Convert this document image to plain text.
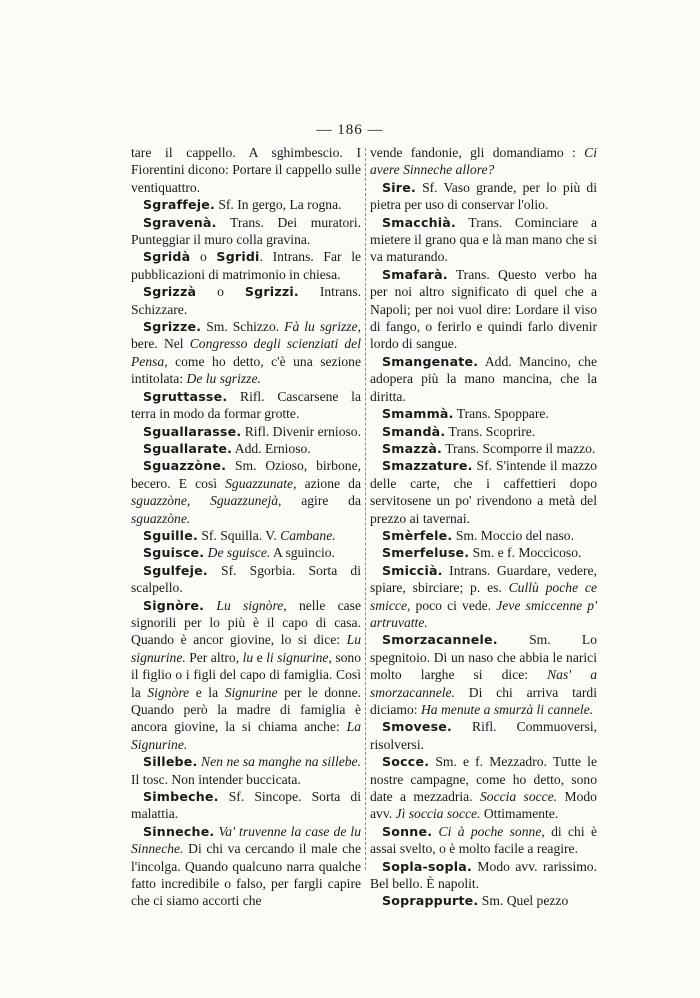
— 186 —

tare il cappello. A sghimbescio. I Fiorentini dicono: Portare il cappello sulle ventiquattro.

Sgraffeje. Sf. In gergo, La rogna.

Sgravenà. Trans. Dei muratori. Punteggiar il muro colla gravina.

Sgridà o Sgridi. Intrans. Far le pubblicazioni di matrimonio in chiesa.

Sgrizzà o Sgrizzi. Intrans. Schizzare.

Sgrizze. Sm. Schizzo. Fà lu sgrizze, bere. Nel Congresso degli scienziati del Pensa, come ho detto, c'è una sezione intitolata: De lu sgrizze.

Sgruttasse. Rifl. Cascarsene la terra in modo da formar grotte.

Sguallarasse. Rifl. Divenir ernioso.

Sguallarate. Add. Ernioso.

Sguazzòne. Sm. Ozioso, birbone, becero. E così Sguazzunate, azione da sguazzòne, Sguazzunejà, agire da sguazzòne.

Sguille. Sf. Squilla. V. Cambane.

Sguisce. De sguisce. A sguincio.

Sgulfeje. Sf. Sgorbia. Sorta di scalpello.

Signòre. Lu signòre, nelle case signorili per lo più è il capo di casa. Quando è ancor giovine, lo si dice: Lu signurine. Per altro, lu e li signurine, sono il figlio o i figli del capo di famiglia. Così la Signòre e la Signurine per le donne. Quando però la madre di famiglia è ancora giovine, la si chiama anche: La Signurine.

Sillebe. Nen ne sa manghe na sillebe. Il tosc. Non intender buccicata.

Simbeche. Sf. Sincope. Sorta di malattia.

Sinneche. Va' truvenne la case de lu Sinneche. Di chi va cercando il male che l'incolga. Quando qualcuno narra qualche fatto incredibile o falso, per fargli capire che ci siamo accorti che

vende fandonie, gli domandiamo : Ci avere Sinneche allore?

Sire. Sf. Vaso grande, per lo più di pietra per uso di conservar l'olio.

Smacchià. Trans. Cominciare a mietere il grano qua e là man mano che si va maturando.

Smafarà. Trans. Questo verbo ha per noi altro significato di quel che a Napoli; per noi vuol dire: Lordare il viso di fango, o ferirlo e quindi farlo divenir lordo di sangue.

Smangenate. Add. Mancino, che adopera più la mano mancina, che la diritta.

Smammà. Trans. Spoppare.

Smandà. Trans. Scoprire.

Smazzà. Trans. Scomporre il mazzo.

Smazzature. Sf. S'intende il mazzo delle carte, che i caffettieri dopo servitosene un po' rivendono a metà del prezzo ai tavernai.

Smèrfele. Sm. Moccio del naso.

Smerfeluse. Sm. e f. Moccicoso.

Smiccià. Intrans. Guardare, vedere, spiare, sbirciare; p. es. Cullù poche ce smicce, poco ci vede. Jeve smiccenne p' artruvatte.

Smorzacannele. Sm. Lo spegnitoio. Di un naso che abbia le narici molto larghe si dice: Nas' a smorzacannele. Di chi arriva tardi diciamo: Ha menute a smurzà li cannele.

Smovese. Rifl. Commuoversi, risolversi.

Socce. Sm. e f. Mezzadro. Tutte le nostre campagne, come ho detto, sono date a mezzadria. Soccia socce. Modo avv. Jì soccia socce. Ottimamente.

Sonne. Ci à poche sonne, di chi è assai svelto, o è molto facile a reagire.

Sopla-sopla. Modo avv. rarissimo. Bel bello. È napolit.

Soprappurte. Sm. Quel pezzo
